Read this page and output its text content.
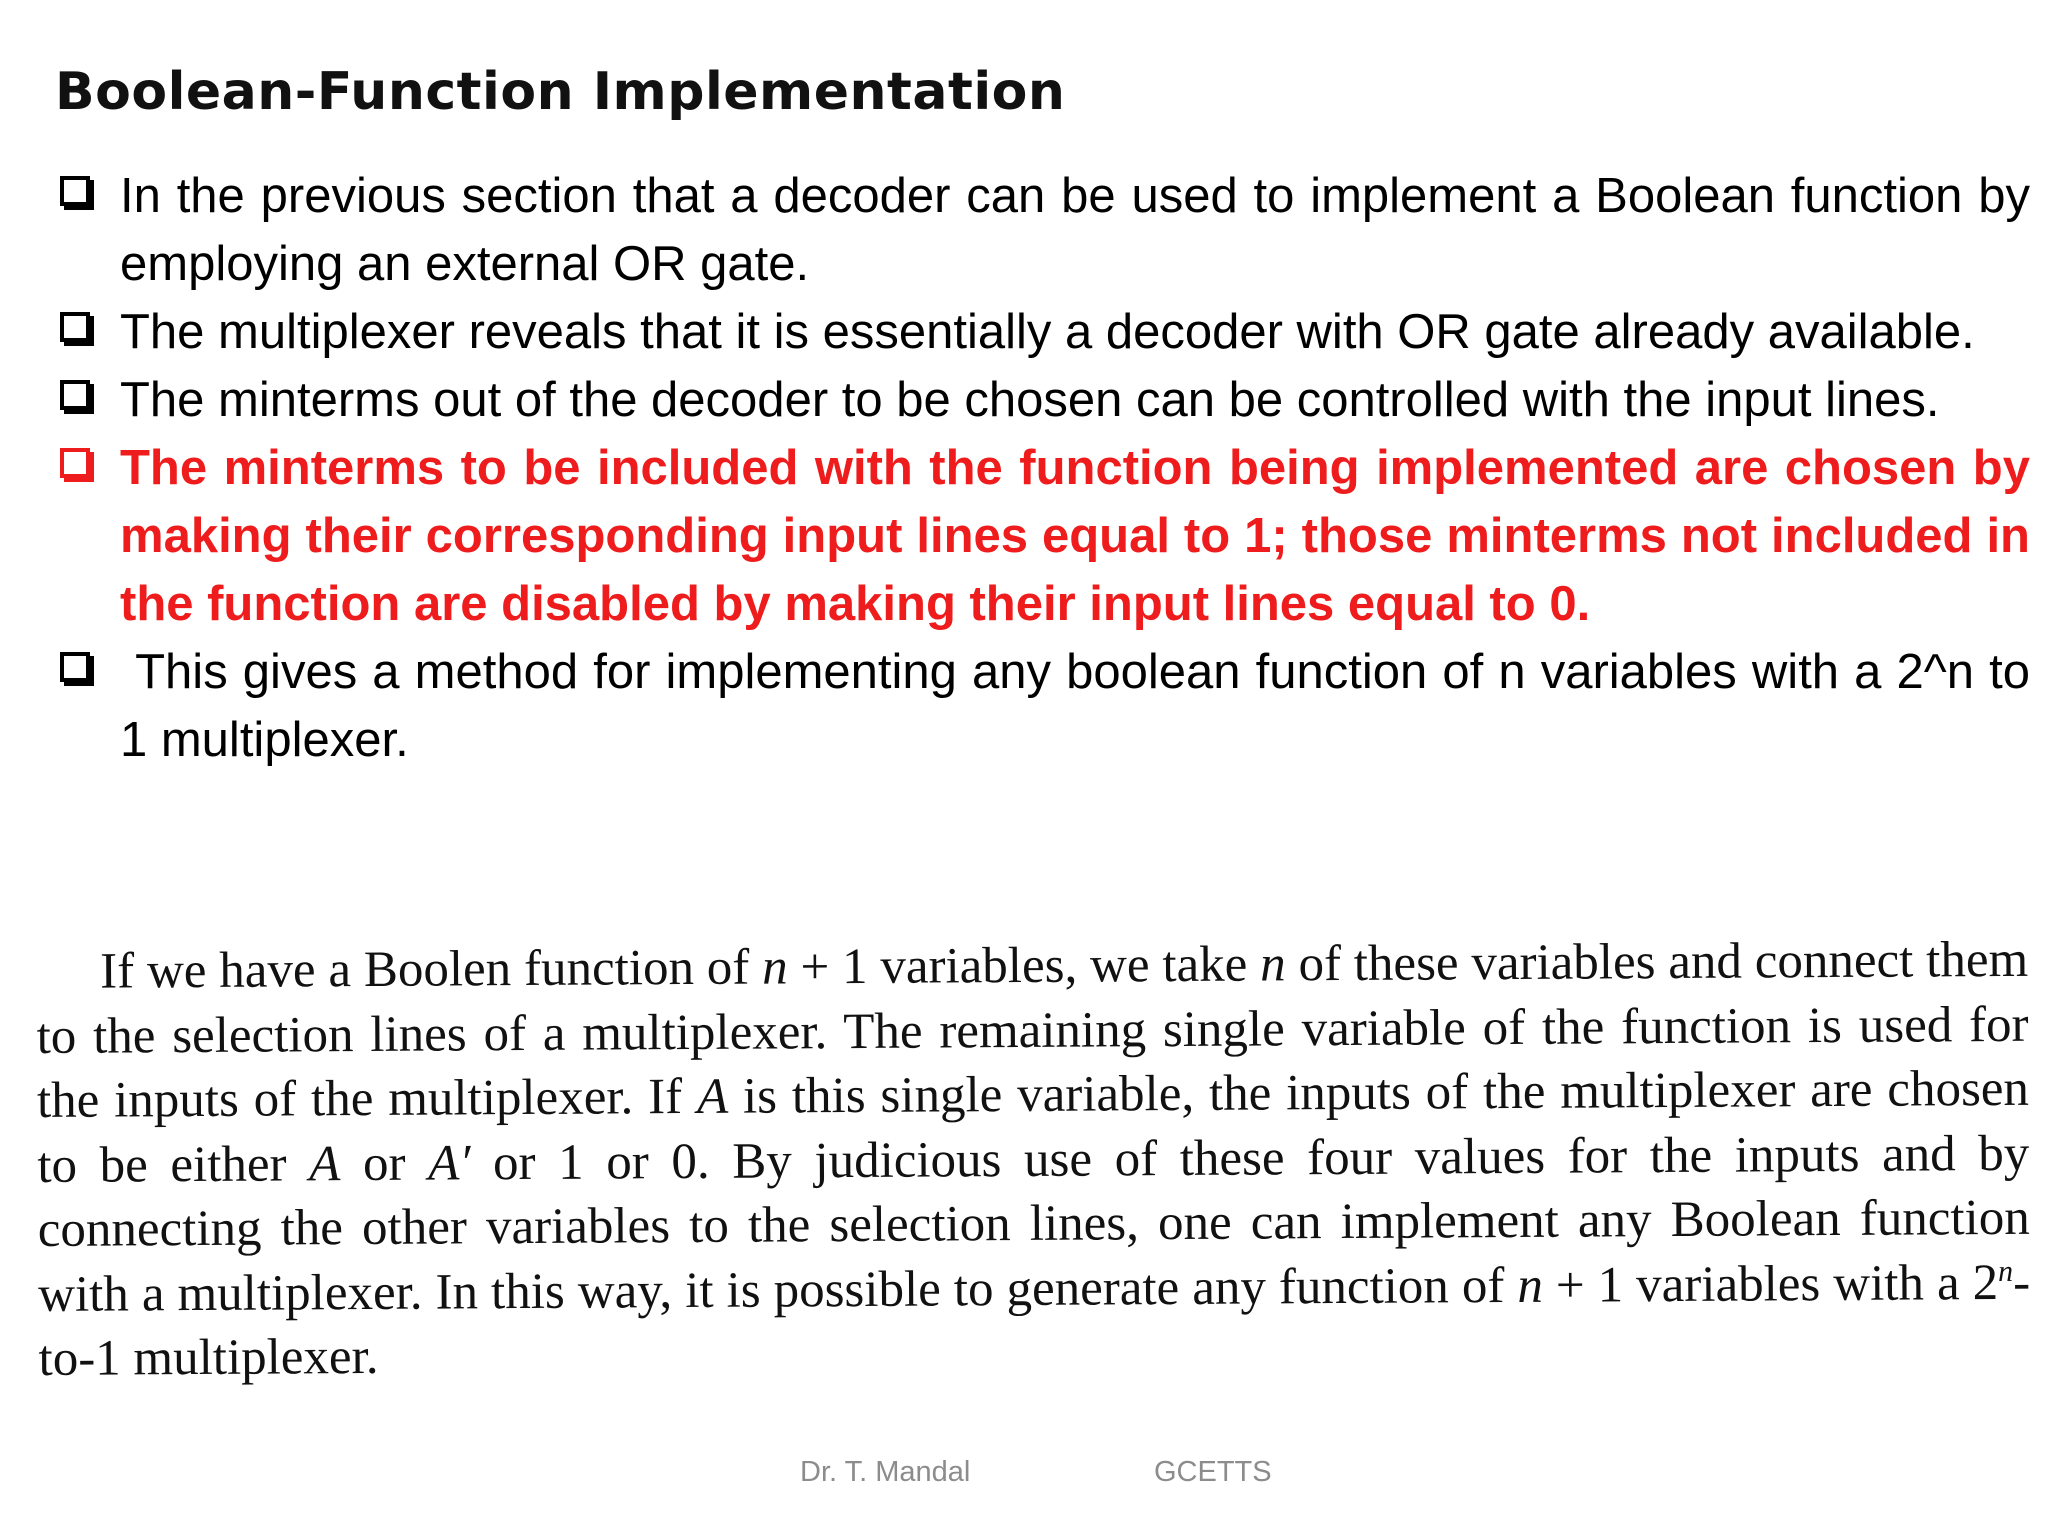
Boolean-Function Implementation
In the previous section that a decoder can be used to implement a Boolean function by employing an external OR gate.
The multiplexer reveals that it is essentially a decoder with OR gate already available.
The minterms out of the decoder to be chosen can be controlled with the input lines.
The minterms to be included with the function being implemented are chosen by making their corresponding input lines equal to 1; those minterms not included in the function are disabled by making their input lines equal to 0.
This gives a method for implementing any boolean function of n variables with a 2^n to 1 multiplexer.

If we have a Boolen function of n + 1 variables, we take n of these variables and connect them to the selection lines of a multiplexer. The remaining single variable of the function is used for the inputs of the multiplexer. If A is this single variable, the inputs of the multiplexer are chosen to be either A or A′ or 1 or 0. By judicious use of these four values for the inputs and by connecting the other variables to the selection lines, one can implement any Boolean function with a multiplexer. In this way, it is possible to generate any function of n + 1 variables with a 2$^n$-to-1 multiplexer.

Dr. T. Mandal	GCETTS
